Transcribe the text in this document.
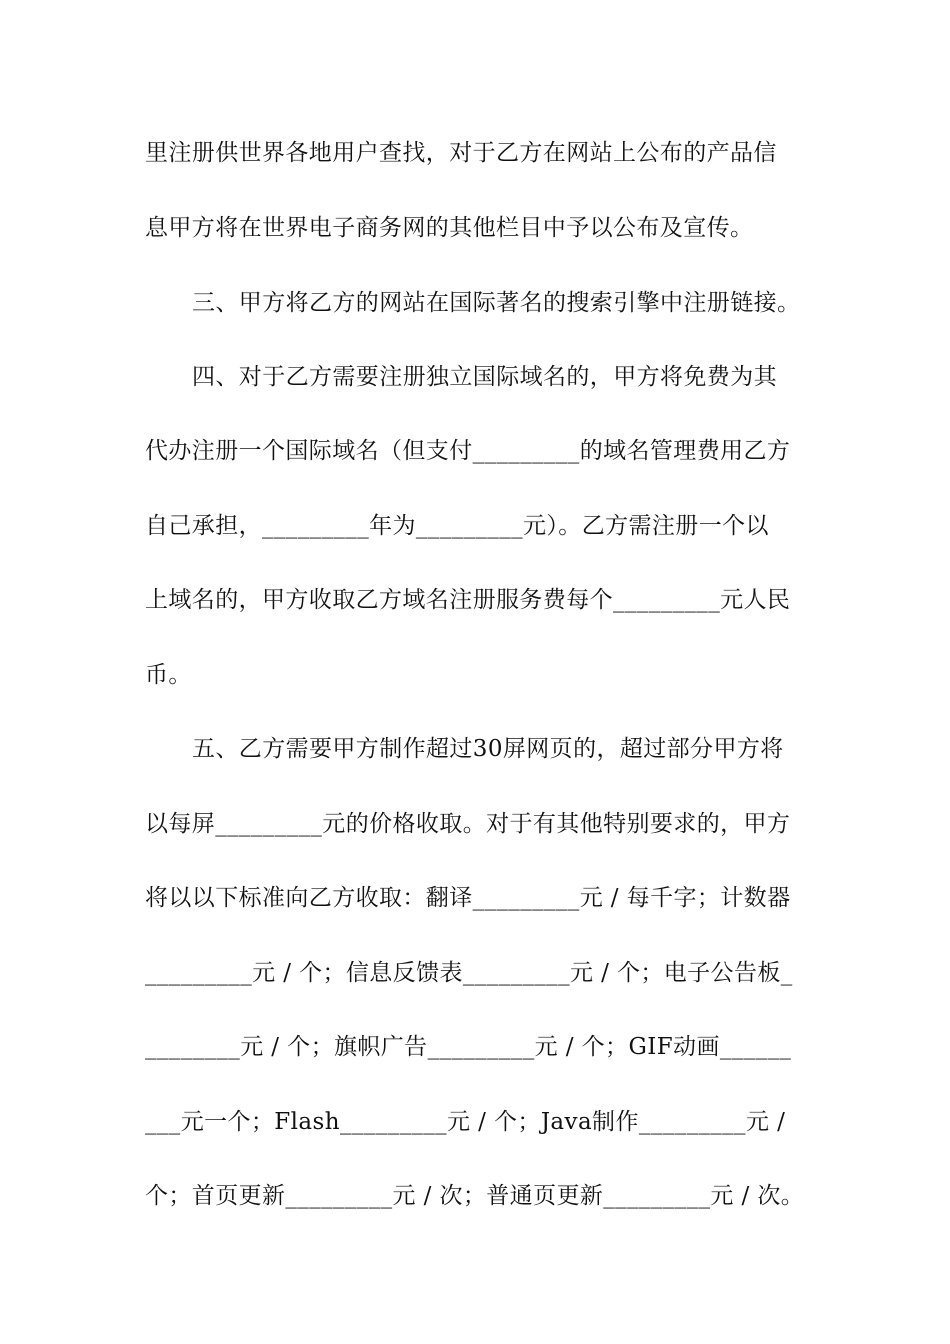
里注册供世界各地用户查找，对于乙方在网站上公布的产品信
息甲方将在世界电子商务网的其他栏目中予以公布及宣传。
三、甲方将乙方的网站在国际著名的搜索引擎中注册链接。
四、对于乙方需要注册独立国际域名的，甲方将免费为其
代办注册一个国际域名（但支付_________的域名管理费用乙方
自己承担，_________年为_________元）。乙方需注册一个以
上域名的，甲方收取乙方域名注册服务费每个_________元人民
币。
五、乙方需要甲方制作超过30屏网页的，超过部分甲方将
以每屏_________元的价格收取。对于有其他特别要求的，甲方
将以以下标准向乙方收取：翻译_________元 / 每千字；计数器
_________元 / 个；信息反馈表_________元 / 个；电子公告板_
________元 / 个；旗帜广告_________元 / 个；GIF动画______
___元一个；Flash_________元 / 个；Java制作_________元 /
个；首页更新_________元 / 次；普通页更新_________元 / 次。
